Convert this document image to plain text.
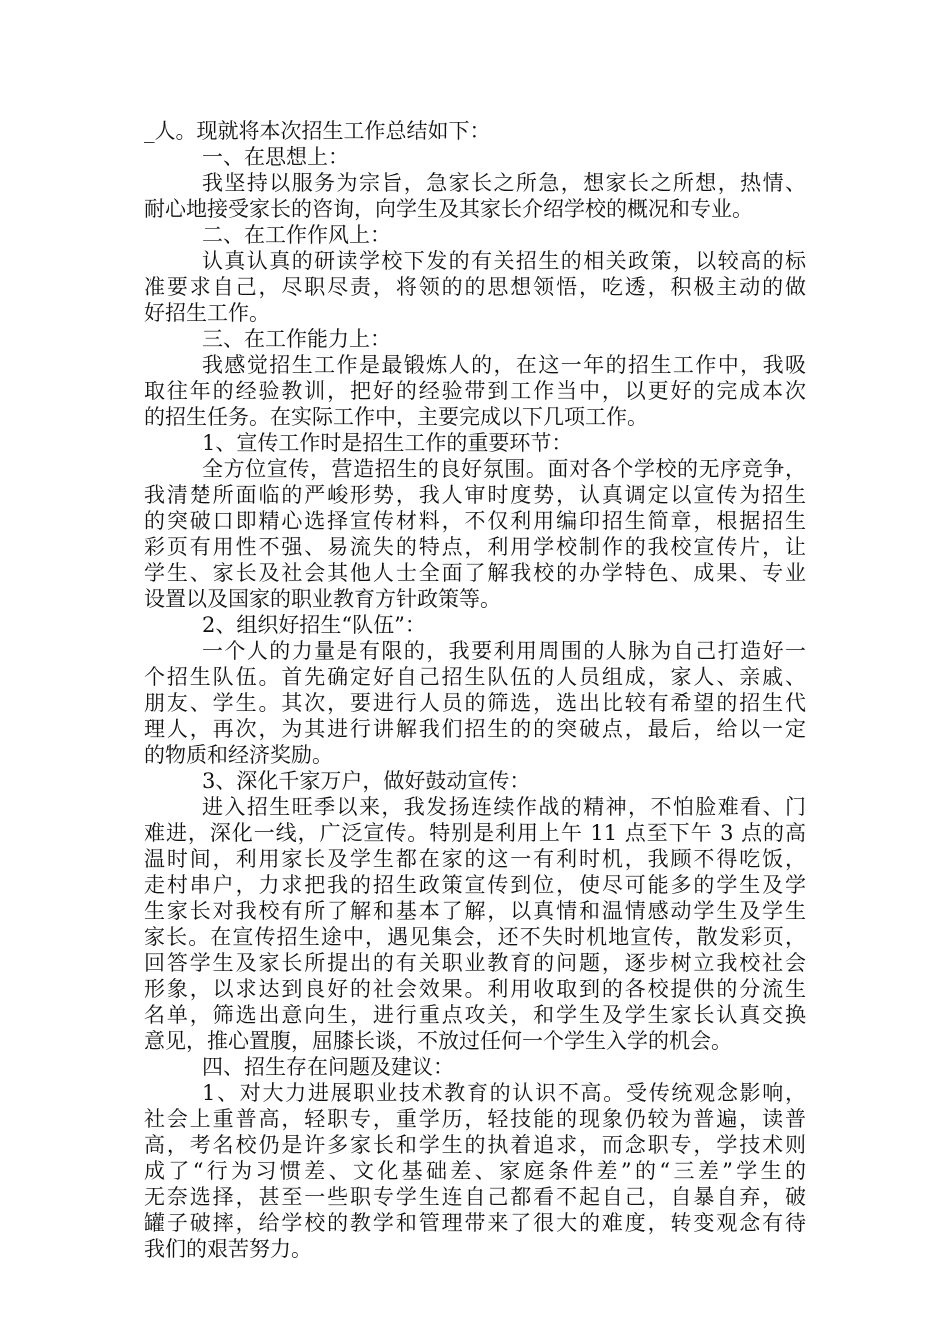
_人。现就将本次招生工作总结如下：
一、在思想上：
我坚持以服务为宗旨，急家长之所急，想家长之所想，热情、
耐心地接受家长的咨询，向学生及其家长介绍学校的概况和专业。
二、在工作作风上：
认真认真的研读学校下发的有关招生的相关政策，以较高的标
准要求自己，尽职尽责，将领的的思想领悟，吃透，积极主动的做
好招生工作。
三、在工作能力上：
我感觉招生工作是最锻炼人的，在这一年的招生工作中，我吸
取往年的经验教训，把好的经验带到工作当中，以更好的完成本次
的招生任务。在实际工作中，主要完成以下几项工作。
1、宣传工作时是招生工作的重要环节：
全方位宣传，营造招生的良好氛围。面对各个学校的无序竞争，
我清楚所面临的严峻形势，我人审时度势，认真调定以宣传为招生
的突破口即精心选择宣传材料，不仅利用编印招生简章，根据招生
彩页有用性不强、易流失的特点，利用学校制作的我校宣传片，让
学生、家长及社会其他人士全面了解我校的办学特色、成果、专业
设置以及国家的职业教育方针政策等。
2、组织好招生“队伍”：
一个人的力量是有限的，我要利用周围的人脉为自己打造好一
个招生队伍。首先确定好自己招生队伍的人员组成，家人、亲戚、
朋友、学生。其次，要进行人员的筛选，选出比较有希望的招生代
理人，再次，为其进行讲解我们招生的的突破点，最后，给以一定
的物质和经济奖励。
3、深化千家万户，做好鼓动宣传：
进入招生旺季以来，我发扬连续作战的精神，不怕脸难看、门
难进，深化一线，广泛宣传。特别是利用上午 11 点至下午 3 点的高
温时间，利用家长及学生都在家的这一有利时机，我顾不得吃饭，
走村串户，力求把我的招生政策宣传到位，使尽可能多的学生及学
生家长对我校有所了解和基本了解，以真情和温情感动学生及学生
家长。在宣传招生途中，遇见集会，还不失时机地宣传，散发彩页，
回答学生及家长所提出的有关职业教育的问题，逐步树立我校社会
形象，以求达到良好的社会效果。利用收取到的各校提供的分流生
名单，筛选出意向生，进行重点攻关，和学生及学生家长认真交换
意见，推心置腹，屈膝长谈，不放过任何一个学生入学的机会。
四、招生存在问题及建议：
1、对大力进展职业技术教育的认识不高。受传统观念影响，
社会上重普高，轻职专，重学历，轻技能的现象仍较为普遍，读普
高，考名校仍是许多家长和学生的执着追求，而念职专，学技术则
成了“行为习惯差、文化基础差、家庭条件差”的“三差”学生的
无奈选择，甚至一些职专学生连自己都看不起自己，自暴自弃，破
罐子破摔，给学校的教学和管理带来了很大的难度，转变观念有待
我们的艰苦努力。
